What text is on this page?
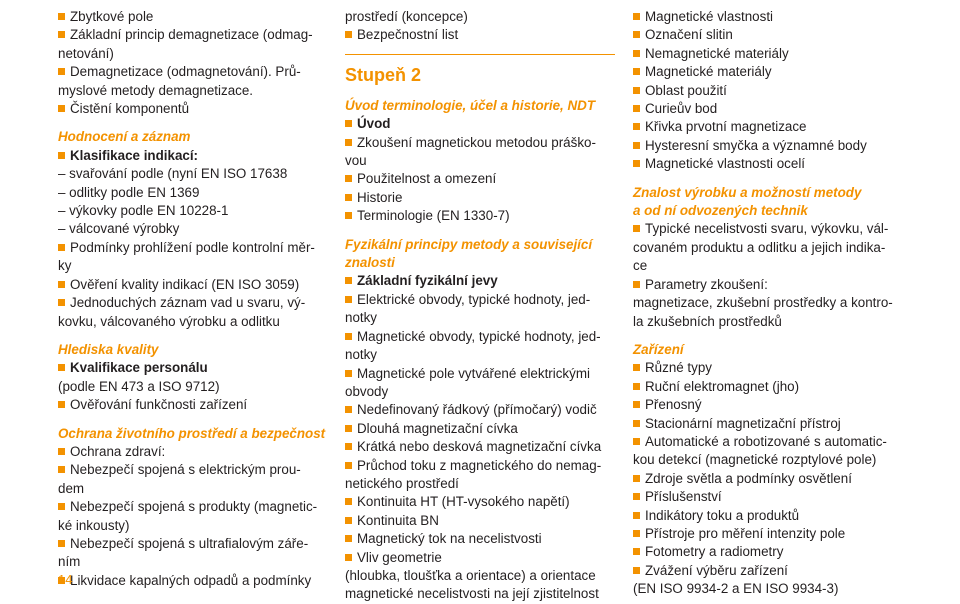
Zbytkové pole
Základní princip demagnetizace (odmag-
netování)
Demagnetizace (odmagnetování). Prů-
myslové metody demagnetizace.
Čistění komponentů
Hodnocení a záznam
Klasifikace indikací:
– svařování podle (nyní EN ISO 17638
– odlitky podle EN 1369
– výkovky podle EN 10228-1
– válcované výrobky
Podmínky prohlížení podle kontrolní měr-
ky
Ověření kvality indikací (EN ISO 3059)
Jednoduchých záznam vad u svaru, vý-
kovku, válcovaného výrobku a odlitku
Hlediska kvality
Kvalifikace personálu
(podle EN 473 a ISO 9712)
Ověřování funkčnosti zařízení
Ochrana životního prostředí a bezpečnost
Ochrana zdraví:
Nebezpečí spojená s elektrickým prou-
dem
Nebezpečí spojená s produkty (magnetic-
ké inkousty)
Nebezpečí spojená s ultrafialovým záře-
ním
Likvidace kapalných odpadů a podmínky
prostředí (koncepce)
Bezpečnostní list
Stupeň 2
Úvod terminologie, účel a historie, NDT
Úvod
Zkoušení magnetickou metodou práško-
vou
Použitelnost a omezení
Historie
Terminologie (EN 1330-7)
Fyzikální principy metody a související
znalosti
Základní fyzikální jevy
Elektrické obvody, typické hodnoty, jed-
notky
Magnetické obvody, typické hodnoty, jed-
notky
Magnetické pole vytvářené elektrickými
obvody
Nedefinovaný řádkový (přímočarý) vodič
Dlouhá magnetizační cívka
Krátká nebo desková magnetizační cívka
Průchod toku z magnetického do nemag-
netického prostředí
Kontinuita HT (HT-vysokého napětí)
Kontinuita BN
Magnetický tok na necelistvosti
Vliv geometrie
(hloubka, tloušťka a orientace) a orientace
magnetické necelistvosti na její zjistitelnost
Magnetické vlastnosti
Označení slitin
Nemagnetické materiály
Magnetické materiály
Oblast použití
Curieův bod
Křivka prvotní magnetizace
Hysteresní smyčka a významné body
Magnetické vlastnosti ocelí
Znalost výrobku a možností metody
a od ní odvozených technik
Typické necelistvosti svaru, výkovku, vál-
covaném produktu a odlitku a jejich indika-
ce
Parametry zkoušení:
magnetizace, zkušební prostředky a kontro-
la zkušebních prostředků
Zařízení
Různé typy
Ruční elektromagnet (jho)
Přenosný
Stacionární magnetizační přístroj
Automatické a robotizované s automatic-
kou detekcí (magnetické rozptylové pole)
Zdroje světla a podmínky osvětlení
Příslušenství
Indikátory toku a produktů
Přístroje pro měření intenzity pole
Fotometry a radiometry
Zvážení výběru zařízení
(EN ISO 9934-2 a EN ISO 9934-3)
14
